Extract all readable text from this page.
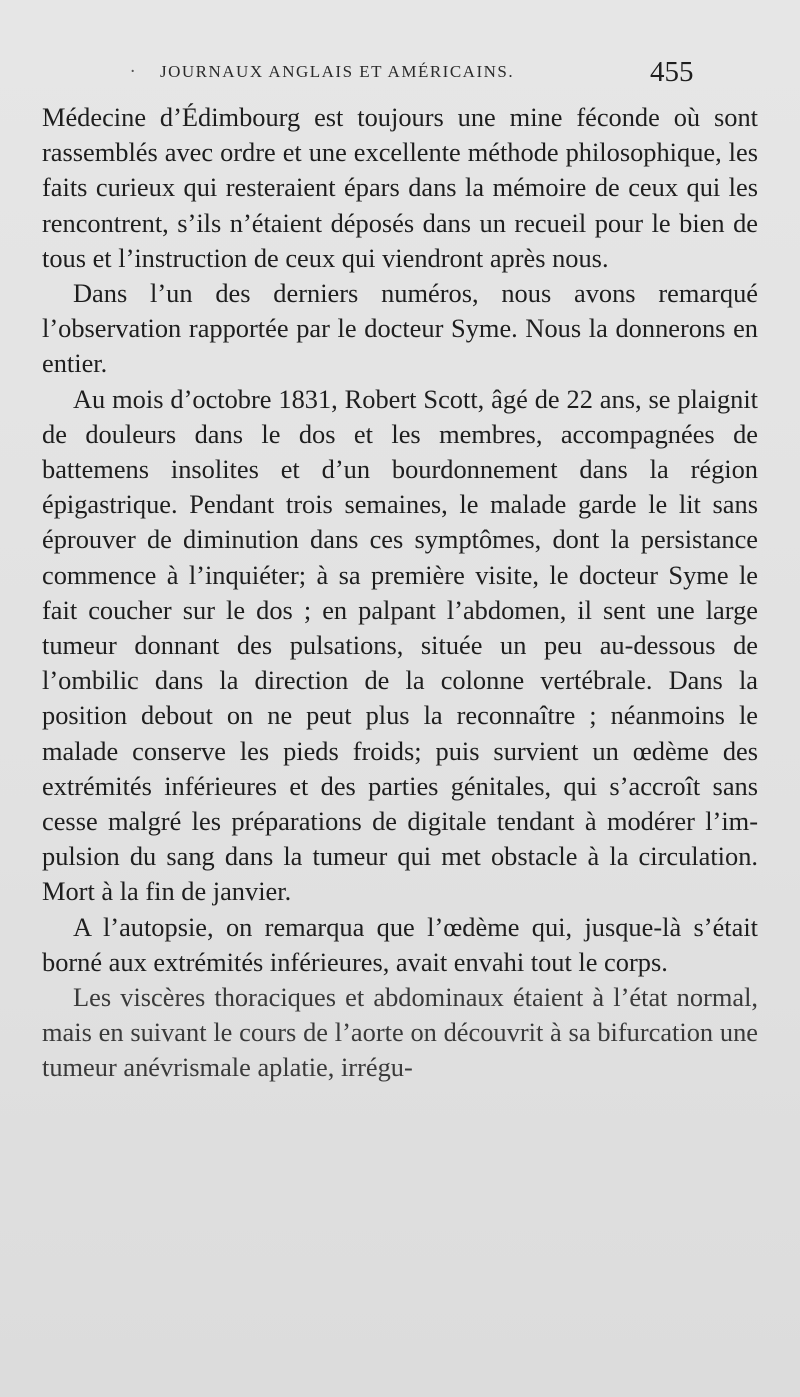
· JOURNAUX ANGLAIS ET AMÉRICAINS.	455

Médecine d’Édimbourg est toujours une mine féconde où sont rassemblés avec ordre et une excellente méthode philosophique, les faits curieux qui resteraient épars dans la mémoire de ceux qui les rencontrent, s’ils n’étaient déposés dans un recueil pour le bien de tous et l’instruction de ceux qui viendront après nous.

Dans l’un des derniers numéros, nous avons remarqué l’observation rapportée par le docteur Syme. Nous la donnerons en entier.

Au mois d’octobre 1831, Robert Scott, âgé de 22 ans, se plaignit de douleurs dans le dos et les membres, accompagnées de battemens insolites et d’un bourdonnement dans la région épigastrique. Pendant trois semaines, le malade garde le lit sans éprouver de diminution dans ces symptômes, dont la persistance commence à l’inquiéter; à sa première visite, le docteur Syme le fait coucher sur le dos ; en palpant l’abdomen, il sent une large tumeur donnant des pulsations, située un peu au-dessous de l’ombilic dans la direction de la colonne vertébrale. Dans la position debout on ne peut plus la reconnaître ; néanmoins le malade conserve les pieds froids; puis survient un œdème des extrémités inférieures et des parties génitales, qui s’accroît sans cesse malgré les préparations de digitale tendant à modérer l’impulsion du sang dans la tumeur qui met obstacle à la circulation. Mort à la fin de janvier.

A l’autopsie, on remarqua que l’œdème qui, jusque-là s’était borné aux extrémités inférieures, avait envahi tout le corps.

Les viscères thoraciques et abdominaux étaient à l’état normal, mais en suivant le cours de l’aorte on découvrit à sa bifurcation une tumeur anévrismale aplatie, irrégu-
